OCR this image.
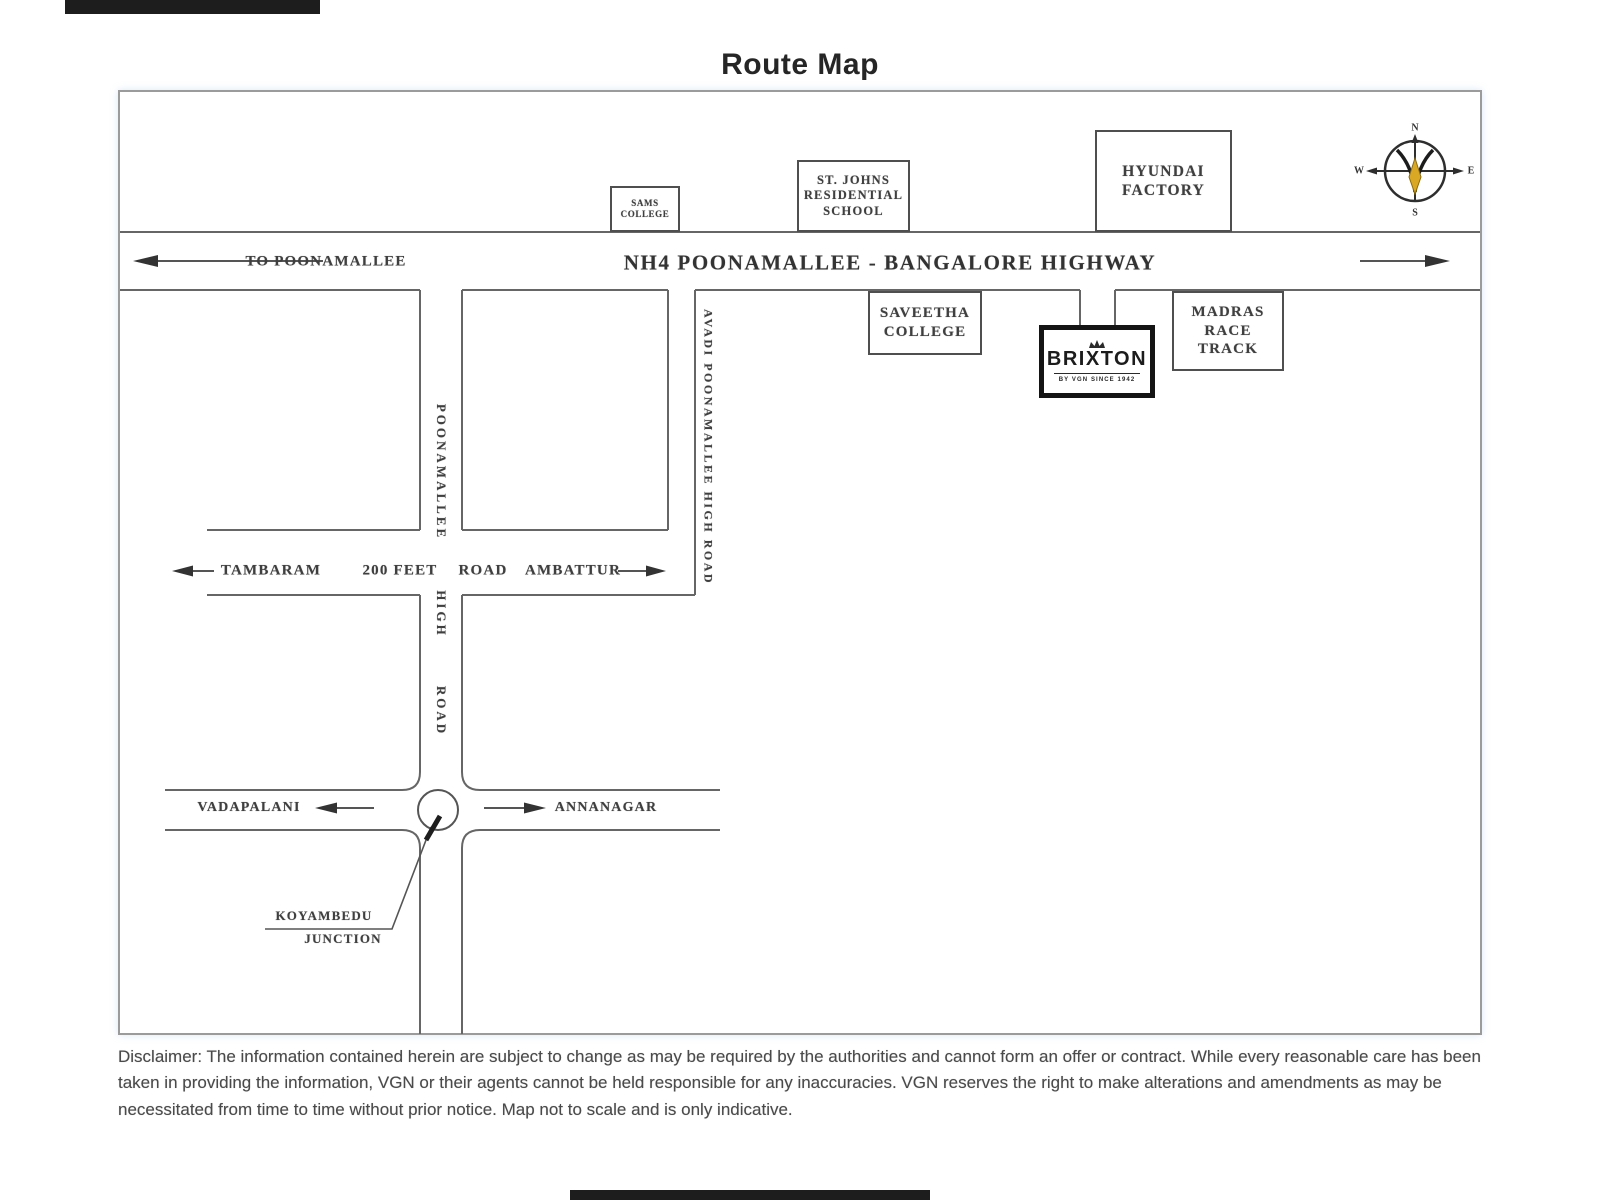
Route Map
N
E
S
W
TO POONAMALLEE	NH4 POONAMALLEE - BANGALORE HIGHWAY
SAMS
COLLEGE
ST. JOHNS
RESIDENTIAL
SCHOOL
HYUNDAI
FACTORY
SAVEETHA
COLLEGE
MADRAS
RACE TRACK
BRIXTON
BY VGN SINCE 1942
POONAMALLEE
HIGH
ROAD
AVADI POONAMALLEE HIGH ROAD
TAMBARAM	200 FEET ROAD AMBATTUR
VADAPALANI	ANNANAGAR
KOYAMBEDU
JUNCTION
Disclaimer: The information contained herein are subject to change as may be required by the authorities and cannot form an offer or contract. While every reasonable care has been taken in providing the information, VGN or their agents cannot be held responsible for any inaccuracies. VGN reserves the right to make alterations and amendments as may be necessitated from time to time without prior notice. Map not to scale and is only indicative.
